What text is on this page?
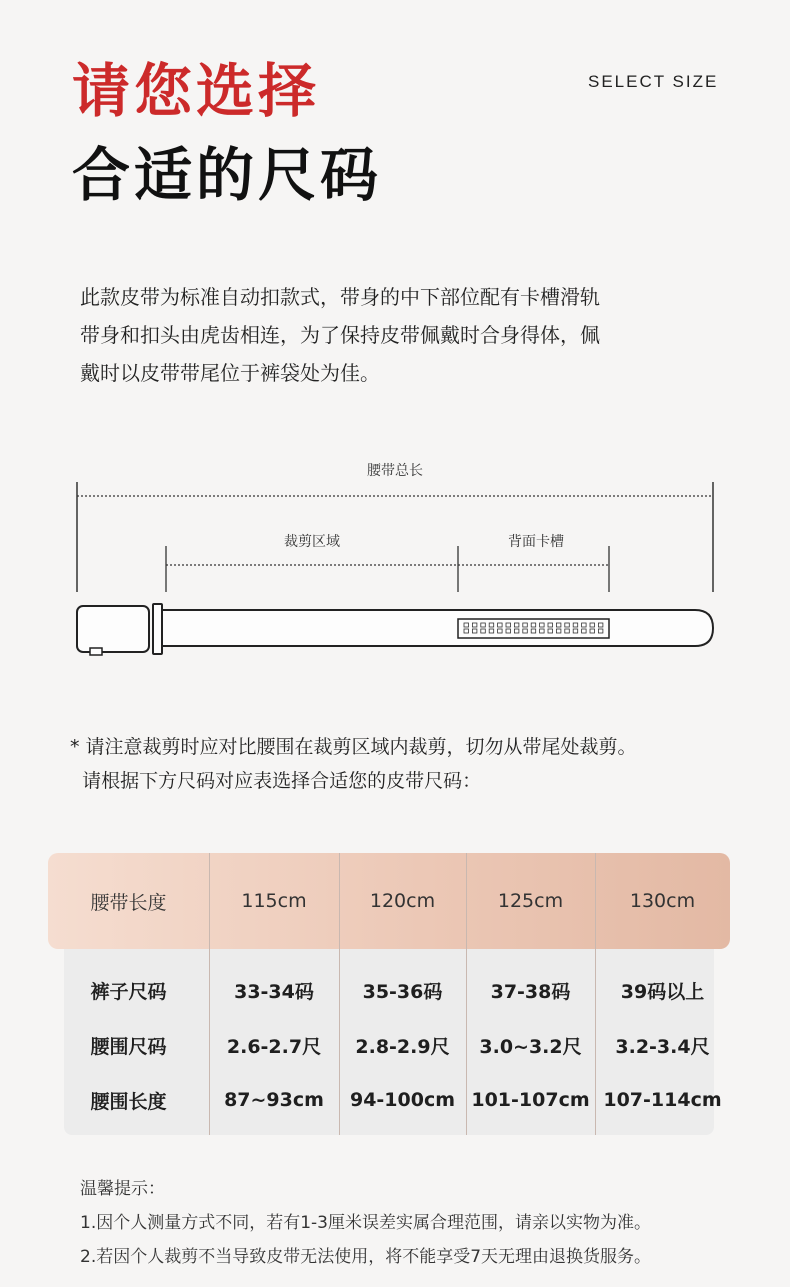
请您选择
合适的尺码
SELECT SIZE

此款皮带为标准自动扣款式，带身的中下部位配有卡槽滑轨

带身和扣头由虎齿相连，为了保持皮带佩戴时合身得体，佩

戴时以皮带带尾位于裤袋处为佳。

腰带总长
裁剪区域	背面卡槽

* 请注意裁剪时应对比腰围在裁剪区域内裁剪，切勿从带尾处裁剪。

请根据下方尺码对应表选择合适您的皮带尺码：

腰带长度	115cm	120cm	125cm	130cm
裤子尺码	33-34码	35-36码	37-38码	39码以上
腰围尺码	2.6-2.7尺	2.8-2.9尺	3.0~3.2尺	3.2-3.4尺
腰围长度	87~93cm	94-100cm 101-107cm 107-114cm

温馨提示：

1.因个人测量方式不同，若有1-3厘米误差实属合理范围，请亲以实物为准。

2.若因个人裁剪不当导致皮带无法使用，将不能享受7天无理由退换货服务。
